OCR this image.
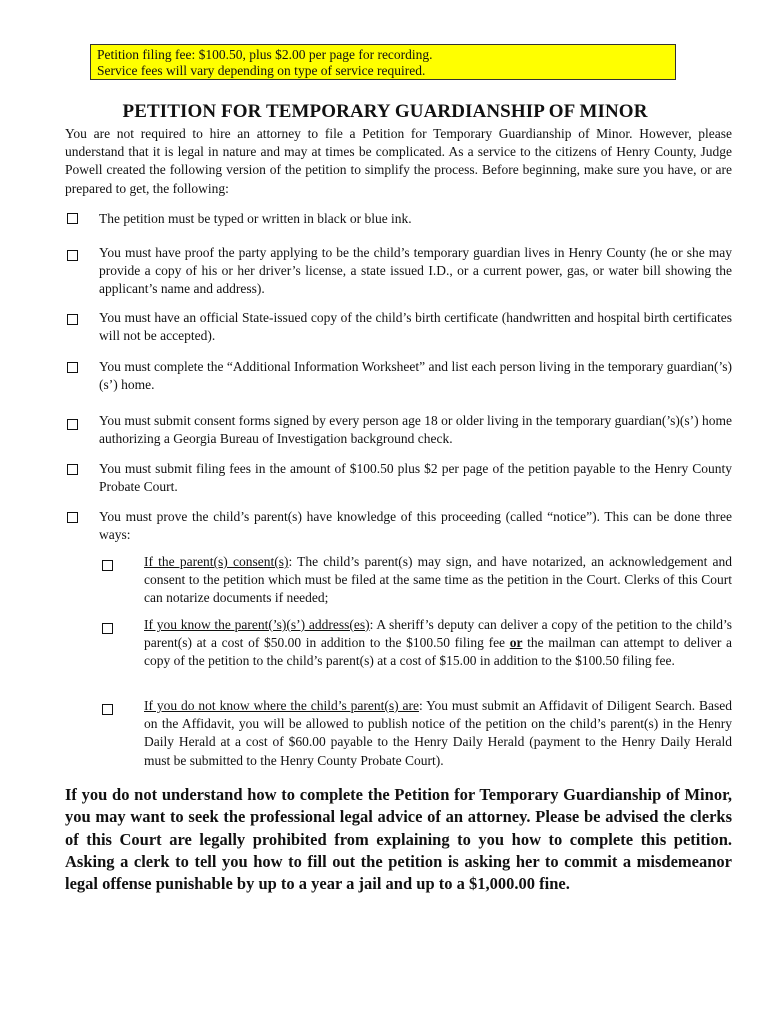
Petition filing fee: $100.50, plus $2.00 per page for recording.
Service fees will vary depending on type of service required.
PETITION FOR TEMPORARY GUARDIANSHIP OF MINOR
You are not required to hire an attorney to file a Petition for Temporary Guardianship of Minor. However, please understand that it is legal in nature and may at times be complicated. As a service to the citizens of Henry County, Judge Powell created the following version of the petition to simplify the process. Before beginning, make sure you have, or are prepared to get, the following:
The petition must be typed or written in black or blue ink.
You must have proof the party applying to be the child’s temporary guardian lives in Henry County (he or she may provide a copy of his or her driver’s license, a state issued I.D., or a current power, gas, or water bill showing the applicant’s name and address).
You must have an official State-issued copy of the child’s birth certificate (handwritten and hospital birth certificates will not be accepted).
You must complete the “Additional Information Worksheet” and list each person living in the temporary guardian(’s)(s’) home.
You must submit consent forms signed by every person age 18 or older living in the temporary guardian(’s)(s’) home authorizing a Georgia Bureau of Investigation background check.
You must submit filing fees in the amount of $100.50 plus $2 per page of the petition payable to the Henry County Probate Court.
You must prove the child’s parent(s) have knowledge of this proceeding (called “notice”). This can be done three ways:
If the parent(s) consent(s): The child’s parent(s) may sign, and have notarized, an acknowledgement and consent to the petition which must be filed at the same time as the petition in the Court. Clerks of this Court can notarize documents if needed;
If you know the parent(’s)(s’) address(es): A sheriff’s deputy can deliver a copy of the petition to the child’s parent(s) at a cost of $50.00 in addition to the $100.50 filing fee or the mailman can attempt to deliver a copy of the petition to the child’s parent(s) at a cost of $15.00 in addition to the $100.50 filing fee.
If you do not know where the child’s parent(s) are: You must submit an Affidavit of Diligent Search. Based on the Affidavit, you will be allowed to publish notice of the petition on the child’s parent(s) in the Henry Daily Herald at a cost of $60.00 payable to the Henry Daily Herald (payment to the Henry Daily Herald must be submitted to the Henry County Probate Court).
If you do not understand how to complete the Petition for Temporary Guardianship of Minor, you may want to seek the professional legal advice of an attorney. Please be advised the clerks of this Court are legally prohibited from explaining to you how to complete this petition. Asking a clerk to tell you how to fill out the petition is asking her to commit a misdemeanor legal offense punishable by up to a year a jail and up to a $1,000.00 fine.
